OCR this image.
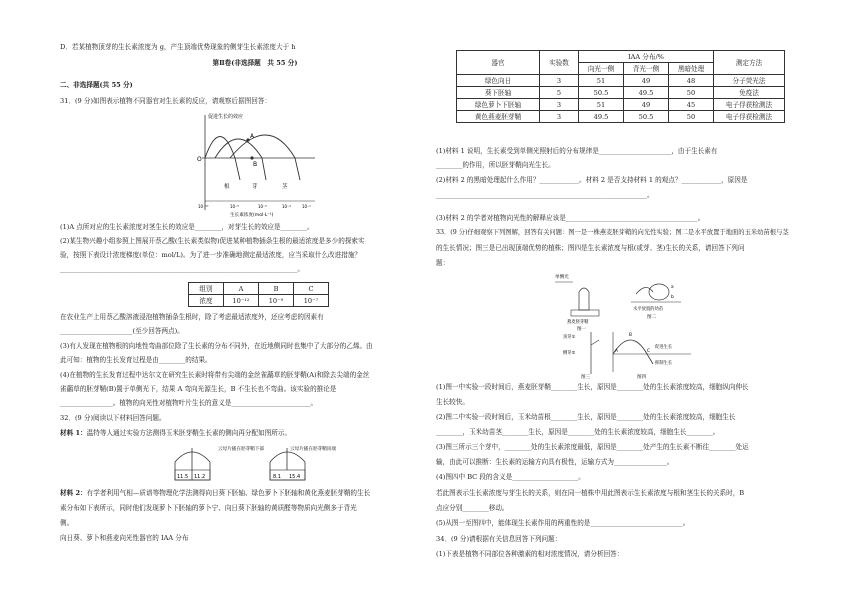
D．若某植物顶芽的生长素浓度为 g，产生顶端优势现象的侧芽生长素浓度大于 h

第Ⅱ卷(非选择题　共 55 分)

二、非选择题(共 55 分)

31．(9 分)如图表示植物不同器官对生长素的反应，请观察后据图回答：

促进生长的效应
O
A
B
根	芽	茎
10⁻¹⁰	10⁻⁸	10⁻⁶	10⁻⁴	10⁻²
生长素浓度(mol·L⁻¹)

(1)A 点所对应的生长素浓度对茎生长的效应是________，对芽生长的效应是________。

(2)某生物兴趣小组参照上图展开萘乙酸(生长素类似物)促进某种植物插条生根的最适浓度是多少的探索实

验，按照下表设计浓度梯度(单位：mol/L)。为了进一步准确地测定最适浓度，应当采取什么改进措施？

________________________________________________________________________。

组别	A	B	C
浓度	10⁻¹²	10⁻⁹	10⁻⁷

在农业生产上用萘乙酸溶液浸泡植物插条生根时，除了考虑最适浓度外，还应考虑的因素有

______________________(至少回答两点)。

(3)有人发现在植物根的向地性弯曲部位除了生长素的分布不同外，在近地侧同时也集中了大部分的乙烯。由

此可知：植物的生长发育过程是由________的结果。

(4)在植物的生长发育过程中达尔文在研究生长素时将带有尖端的金丝雀虉草的胚芽鞘(A)和除去尖端的金丝

雀虉草的胚芽鞘(B)置于单侧光下，结果 A 弯向光源生长，B 不生长也不弯曲。该实验的推论是

________________。植物的向光性对植物叶片生长的意义是________________________。

32．(9 分)阅读以下材料回答问题。

材料 1：温特等人通过实验方法测得玉米胚芽鞘生长素的侧向再分配如图所示。

云母片插在胚芽鞘下部
11.5 11.2
云母片插在胚芽鞘顶端
8.1 15.4

材料 2：有学者利用气相—质谱等物理化学法测得向日葵下胚轴、绿色萝卜下胚轴和黄化燕麦胚芽鞘的生长

素分布如下表所示，同时他们发现萝卜下胚轴的萝卜宁、向日葵下胚轴的黄质醛等物质向光侧多于背光

侧。

向日葵、萝卜和燕麦向光性器官的 IAA 分布

器官	实验数	IAA 分布/%			测定方法
		向光一侧	背光一侧	黑暗处理	
绿色向日	3	51	49	48	分子荧光法
葵下胚轴	5	50.5	49.5	50	免疫法
绿色萝卜下胚轴	3	51	49	45	电子俘获检测法
黄色燕麦胚芽鞘	3	49.5	50.5	50	电子俘获检测法

(1)材料 1 说明，生长素受到单侧光照射后的分布规律是______________________，由于生长素有

________的作用，所以胚芽鞘向光生长。

(2)材料 2 的黑暗处理起什么作用？____________。材料 2 是否支持材料 1 的观点？____________，原因是

________________________________________________________________。

(3)材料 2 的学者对植物向光性的解释应该是________________________________________。

33．(9 分)仔细观察下列图解，回答有关问题：图一是一株燕麦胚芽鞘的向光性实验；图二是水平放置于地面的玉米幼苗根与茎

的生长情况；图三是已出现顶端优势的植株；图四是生长素浓度与根(或芽、茎)生长的关系，请回答下列问

题：

单侧光
燕麦胚芽鞘
图一
a
b
水平放置的幼苗
图二
顶芽①
侧芽②
图三
B
C
A
促进生长
抑制生长
图四

(1)图一中实验一段时间后，燕麦胚芽鞘________生长，原因是________处的生长素浓度较高，细胞纵向伸长

生长较快。

(2)图二中实验一段时间后，玉米幼苗根________生长，原因是________处的生长素浓度较高，细胞生长

________，玉米幼苗茎________生长，原因是________处的生长素浓度较高，细胞生长________。

(3)图三所示三个芽中，________处的生长素浓度最低，原因是________处产生的生长素不断往________处运

输，由此可以推断：生长素的运输方向具有极性，运输方式为________________。

(4)图四中 BC 段的含义是____________________。

若此图表示生长素浓度与芽生长的关系，则在同一植株中用此图表示生长素浓度与根和茎生长的关系时，B

点应分别________移动。

(5)从图一至图四中，能体现生长素作用的两重性的是____________________________。

34．(9 分)请根据有关信息回答下列问题：

(1)下表是植物不同部位各种激素的相对浓度情况，请分析回答：
